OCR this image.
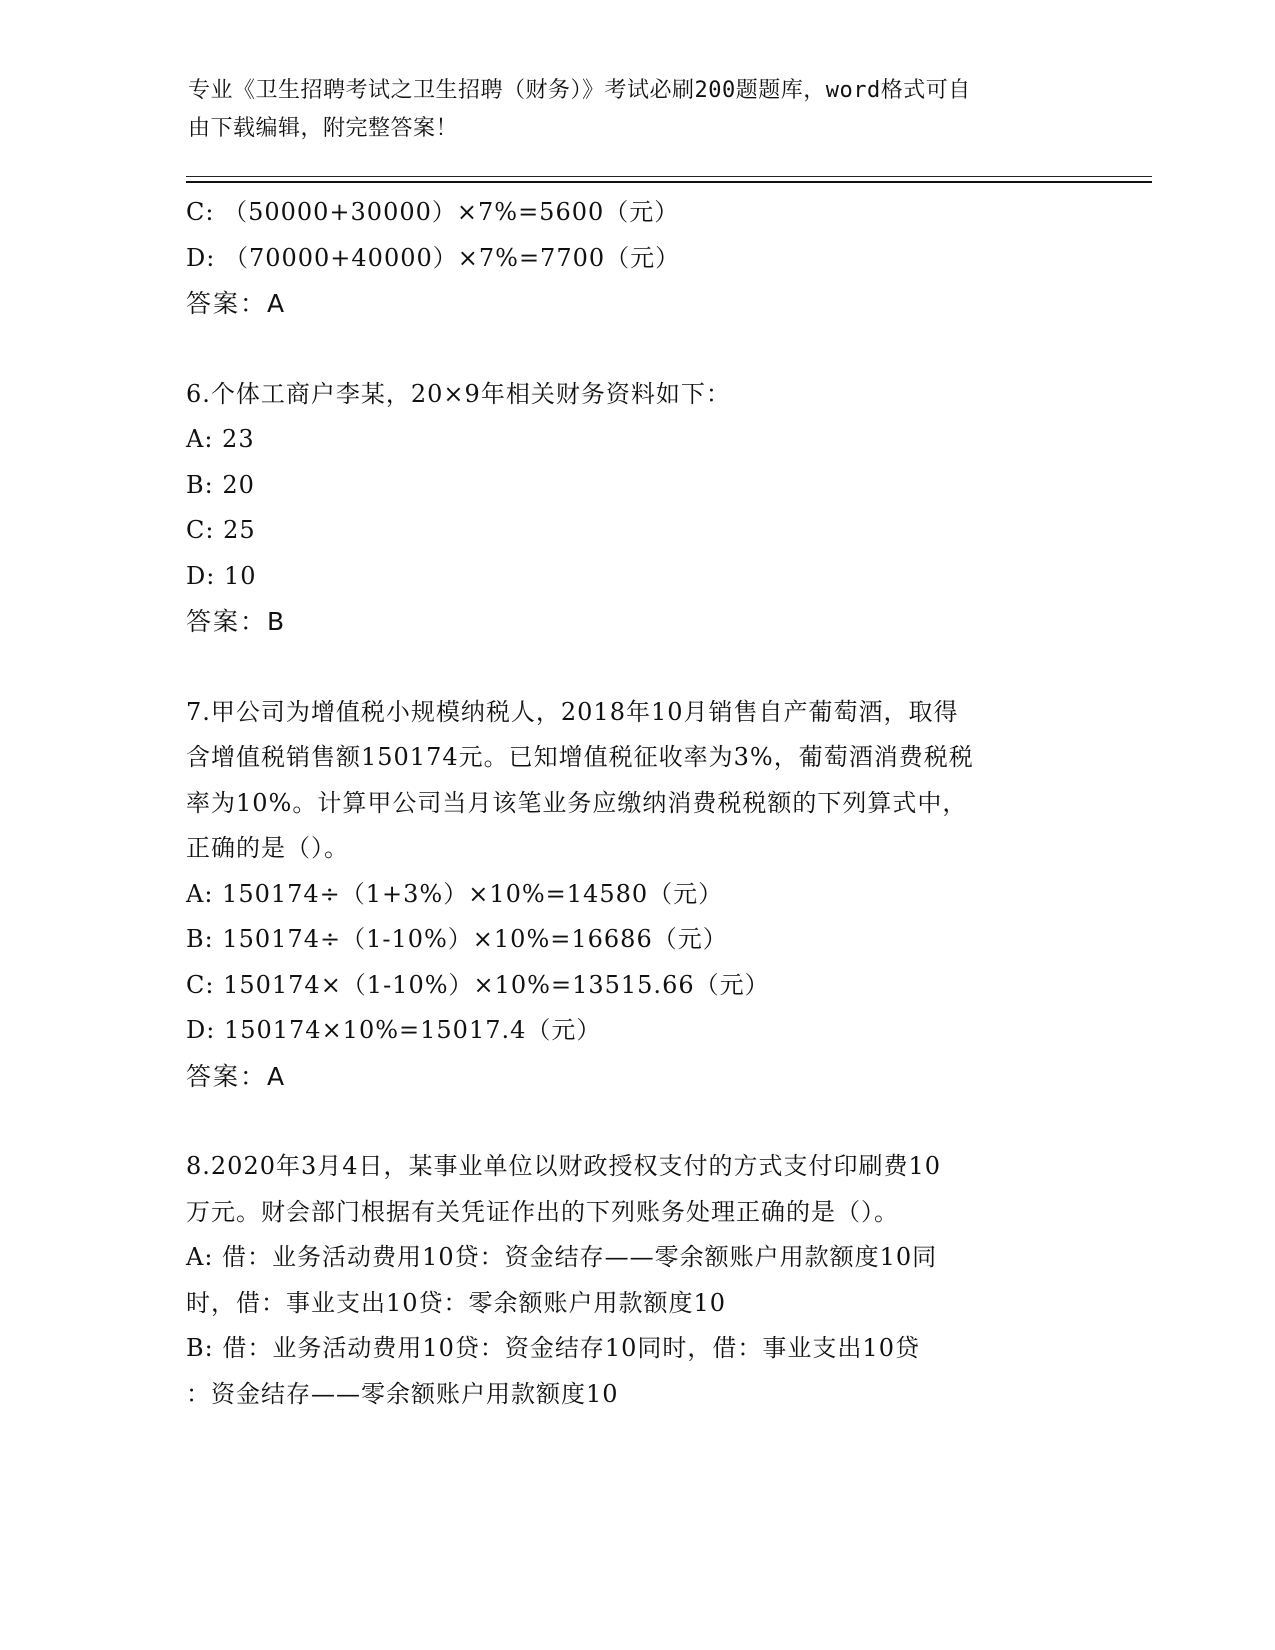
专业《卫生招聘考试之卫生招聘（财务）》考试必刷200题题库，word格式可自
由下载编辑，附完整答案！
C: （50000+30000）×7%=5600（元）
D: （70000+40000）×7%=7700（元）
答案：A
6.个体工商户李某，20×9年相关财务资料如下：
A: 23
B: 20
C: 25
D: 10
答案：B
7.甲公司为增值税小规模纳税人，2018年10月销售自产葡萄酒，取得
含增值税销售额150174元。已知增值税征收率为3%，葡萄酒消费税税
率为10%。计算甲公司当月该笔业务应缴纳消费税税额的下列算式中，
正确的是（）。
A: 150174÷（1+3%）×10%=14580（元）
B: 150174÷（1-10%）×10%=16686（元）
C: 150174×（1-10%）×10%=13515.66（元）
D: 150174×10%=15017.4（元）
答案：A
8.2020年3月4日，某事业单位以财政授权支付的方式支付印刷费10
万元。财会部门根据有关凭证作出的下列账务处理正确的是（）。
A: 借：业务活动费用10贷：资金结存——零余额账户用款额度10同
时，借：事业支出10贷：零余额账户用款额度10
B: 借：业务活动费用10贷：资金结存10同时，借：事业支出10贷
：资金结存——零余额账户用款额度10
